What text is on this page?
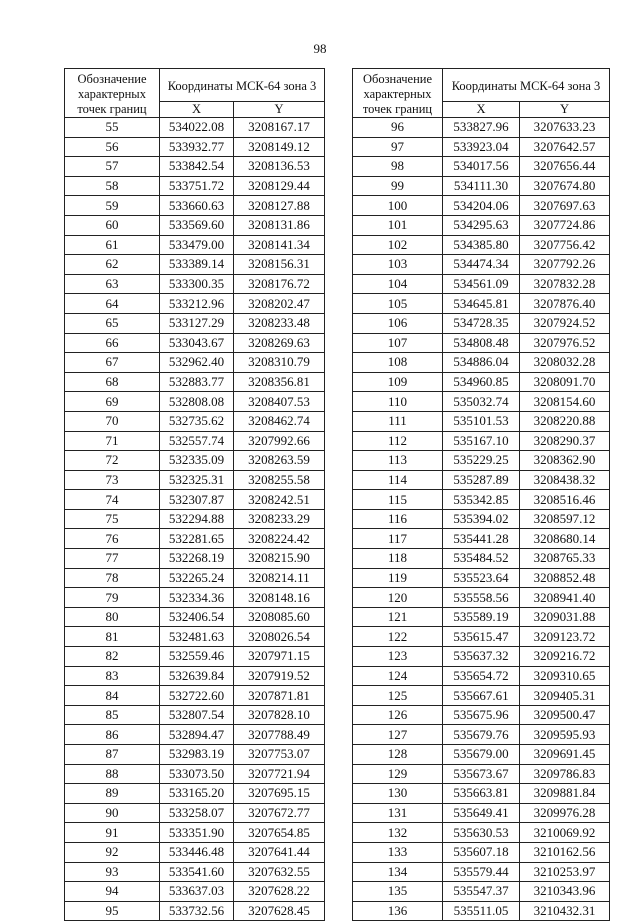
98
Обозначение характерных точек границ	Координаты МСК-64 зона 3	
	X	Y
55	534022.08	3208167.17
56	533932.77	3208149.12
57	533842.54	3208136.53
58	533751.72	3208129.44
59	533660.63	3208127.88
60	533569.60	3208131.86
61	533479.00	3208141.34
62	533389.14	3208156.31
63	533300.35	3208176.72
64	533212.96	3208202.47
65	533127.29	3208233.48
66	533043.67	3208269.63
67	532962.40	3208310.79
68	532883.77	3208356.81
69	532808.08	3208407.53
70	532735.62	3208462.74
71	532557.74	3207992.66
72	532335.09	3208263.59
73	532325.31	3208255.58
74	532307.87	3208242.51
75	532294.88	3208233.29
76	532281.65	3208224.42
77	532268.19	3208215.90
78	532265.24	3208214.11
79	532334.36	3208148.16
80	532406.54	3208085.60
81	532481.63	3208026.54
82	532559.46	3207971.15
83	532639.84	3207919.52
84	532722.60	3207871.81
85	532807.54	3207828.10
86	532894.47	3207788.49
87	532983.19	3207753.07
88	533073.50	3207721.94
89	533165.20	3207695.15
90	533258.07	3207672.77
91	533351.90	3207654.85
92	533446.48	3207641.44
93	533541.60	3207632.55
94	533637.03	3207628.22
95	533732.56	3207628.45
Обозначение характерных точек границ	Координаты МСК-64 зона 3	
	X	Y
96	533827.96	3207633.23
97	533923.04	3207642.57
98	534017.56	3207656.44
99	534111.30	3207674.80
100	534204.06	3207697.63
101	534295.63	3207724.86
102	534385.80	3207756.42
103	534474.34	3207792.26
104	534561.09	3207832.28
105	534645.81	3207876.40
106	534728.35	3207924.52
107	534808.48	3207976.52
108	534886.04	3208032.28
109	534960.85	3208091.70
110	535032.74	3208154.60
111	535101.53	3208220.88
112	535167.10	3208290.37
113	535229.25	3208362.90
114	535287.89	3208438.32
115	535342.85	3208516.46
116	535394.02	3208597.12
117	535441.28	3208680.14
118	535484.52	3208765.33
119	535523.64	3208852.48
120	535558.56	3208941.40
121	535589.19	3209031.88
122	535615.47	3209123.72
123	535637.32	3209216.72
124	535654.72	3209310.65
125	535667.61	3209405.31
126	535675.96	3209500.47
127	535679.76	3209595.93
128	535679.00	3209691.45
129	535673.67	3209786.83
130	535663.81	3209881.84
131	535649.41	3209976.28
132	535630.53	3210069.92
133	535607.18	3210162.56
134	535579.44	3210253.97
135	535547.37	3210343.96
136	535511.05	3210432.31
